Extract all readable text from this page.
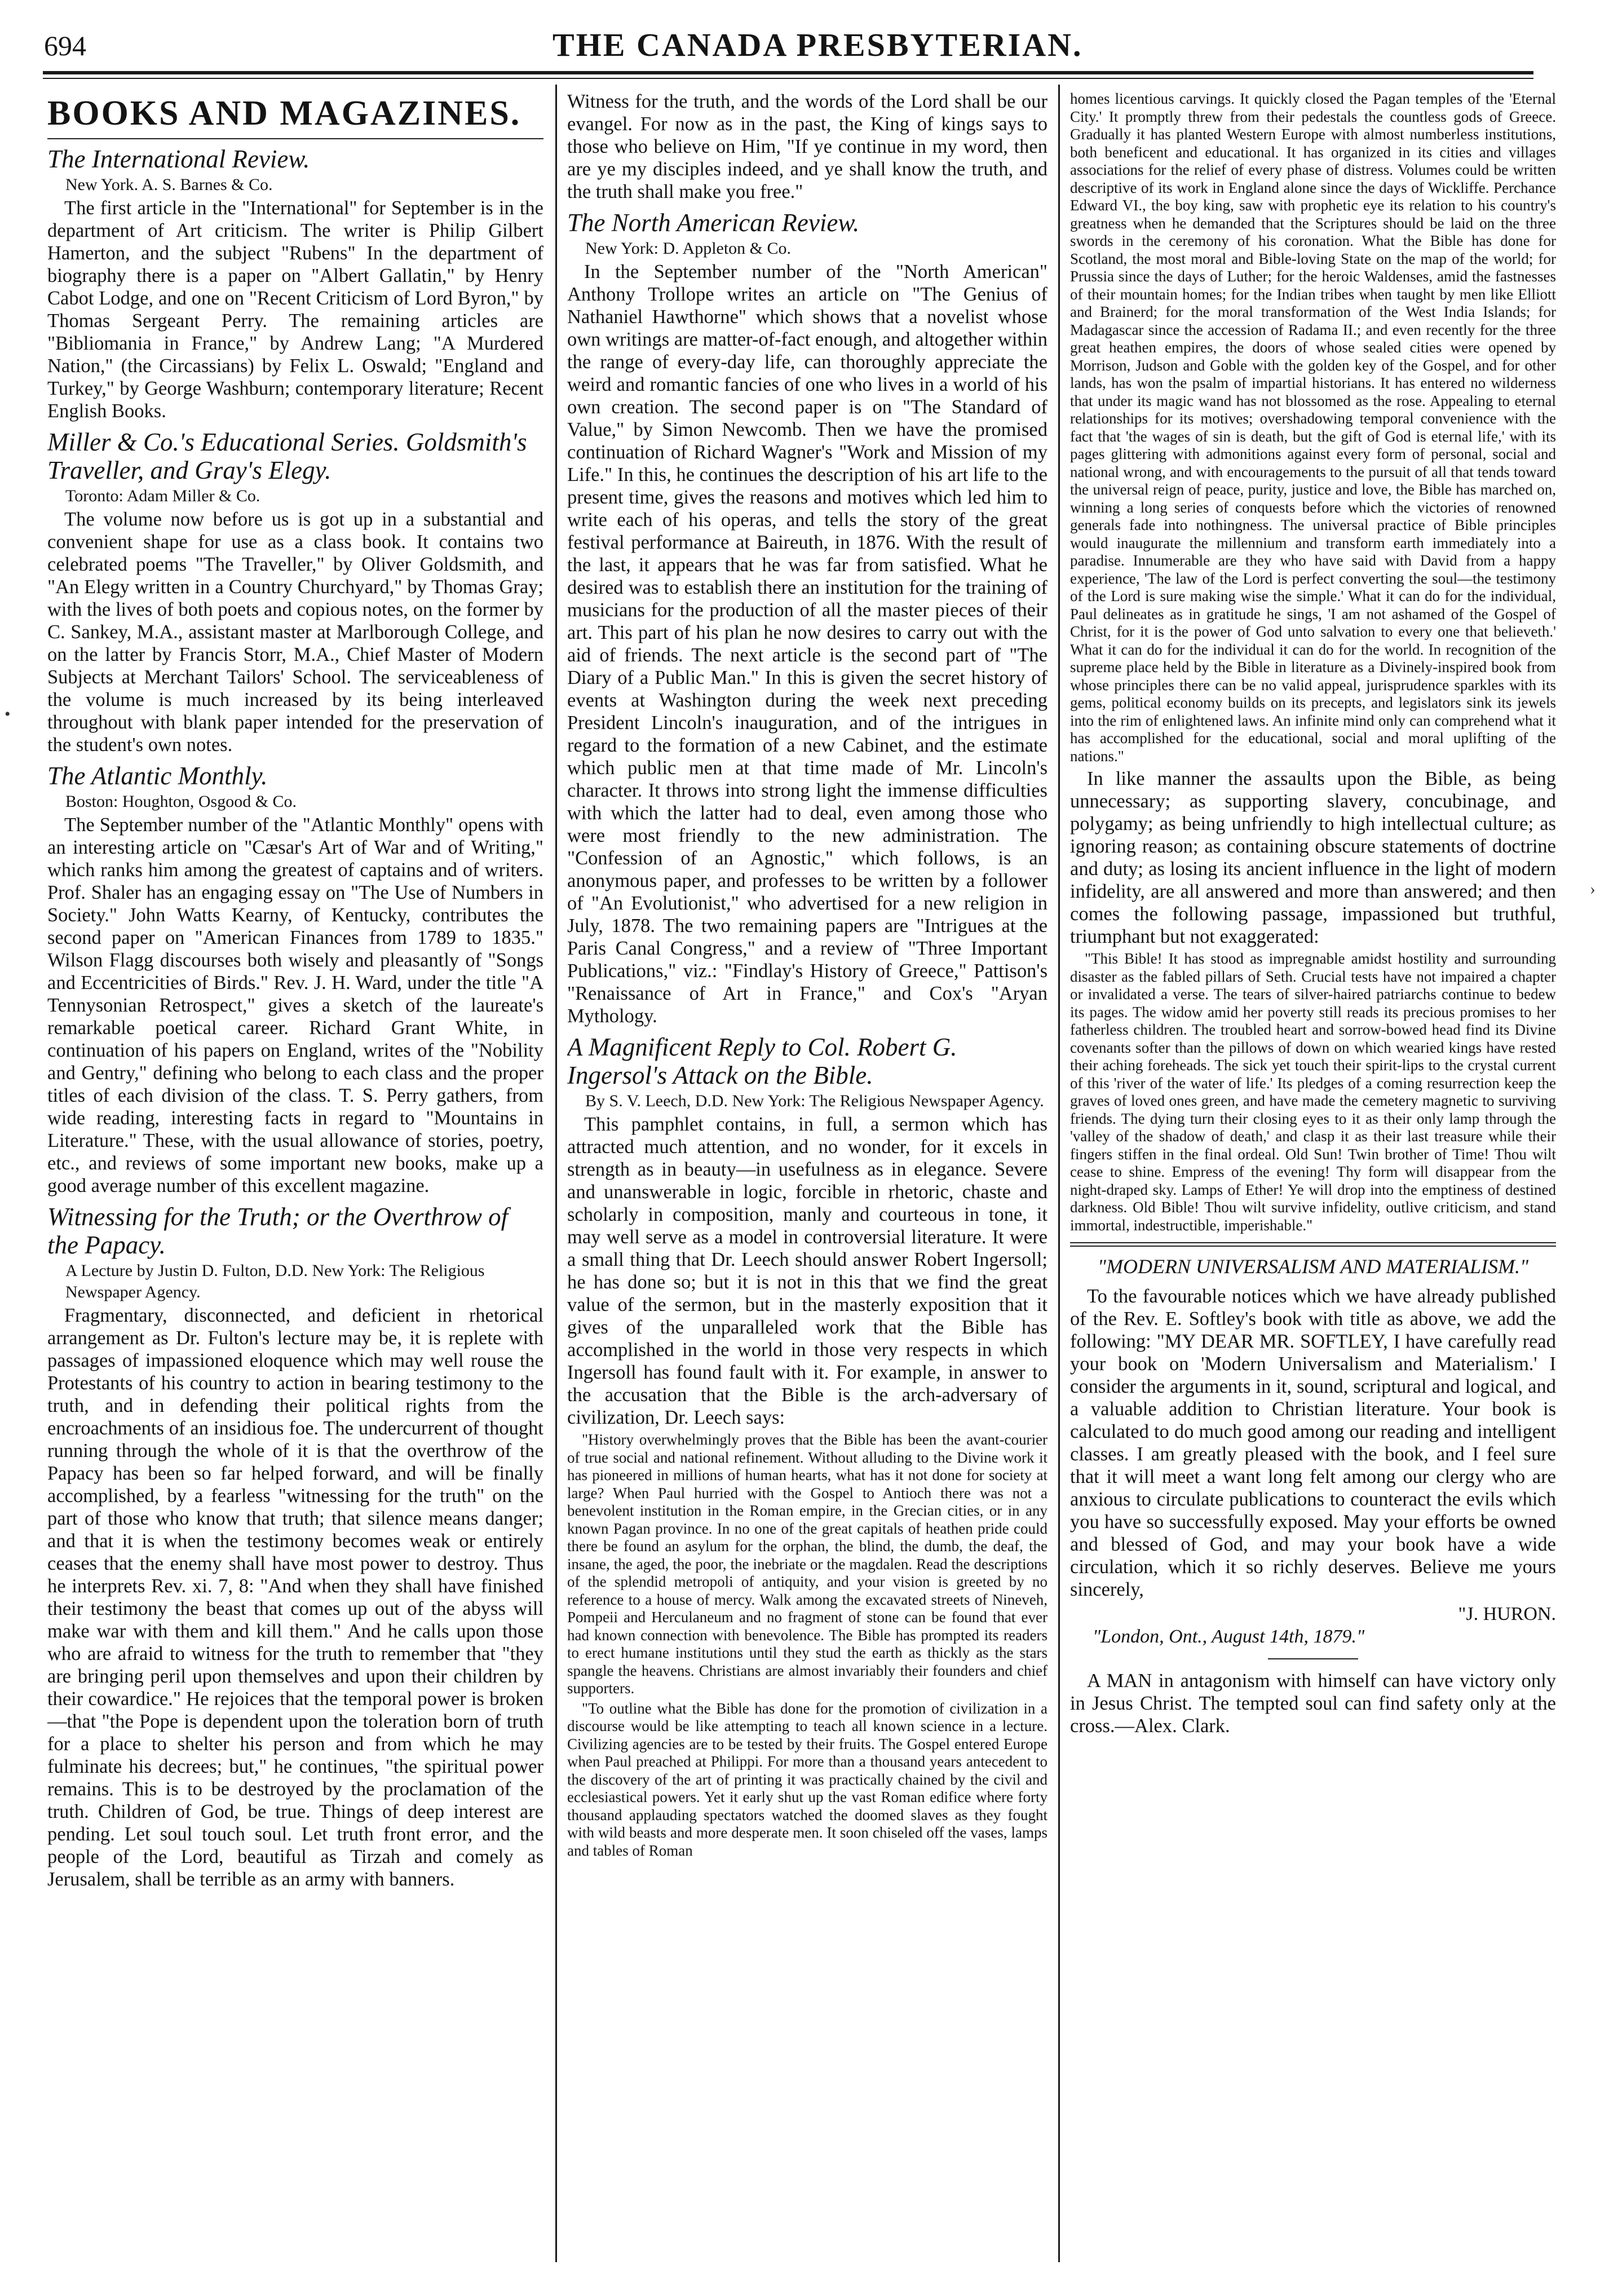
694	THE CANADA PRESBYTERIAN.
BOOKS AND MAGAZINES.
The International Review.
New York. A. S. Barnes & Co.

The first article in the "International" for September is in the department of Art criticism. The writer is Philip Gilbert Hamerton, and the subject "Rubens" In the department of biography there is a paper on "Albert Gallatin," by Henry Cabot Lodge, and one on "Recent Criticism of Lord Byron," by Thomas Sergeant Perry. The remaining articles are "Bibliomania in France," by Andrew Lang; "A Murdered Nation," (the Circassians) by Felix L. Oswald; "England and Turkey," by George Washburn; contemporary literature; Recent English Books.

Miller & Co.'s Educational Series. Goldsmith's Traveller, and Gray's Elegy.
Toronto: Adam Miller & Co.

The volume now before us is got up in a substantial and convenient shape for use as a class book. It contains two celebrated poems "The Traveller," by Oliver Goldsmith, and "An Elegy written in a Country Churchyard," by Thomas Gray; with the lives of both poets and copious notes, on the former by C. Sankey, M.A., assistant master at Marlborough College, and on the latter by Francis Storr, M.A., Chief Master of Modern Subjects at Merchant Tailors' School. The serviceableness of the volume is much increased by its being interleaved throughout with blank paper intended for the preservation of the student's own notes.

The Atlantic Monthly.
Boston: Houghton, Osgood & Co.

The September number of the "Atlantic Monthly" opens with an interesting article on "Cæsar's Art of War and of Writing," which ranks him among the greatest of captains and of writers. Prof. Shaler has an engaging essay on "The Use of Numbers in Society." John Watts Kearny, of Kentucky, contributes the second paper on "American Finances from 1789 to 1835." Wilson Flagg discourses both wisely and pleasantly of "Songs and Eccentricities of Birds." Rev. J. H. Ward, under the title "A Tennysonian Retrospect," gives a sketch of the laureate's remarkable poetical career. Richard Grant White, in continuation of his papers on England, writes of the "Nobility and Gentry," defining who belong to each class and the proper titles of each division of the class. T. S. Perry gathers, from wide reading, interesting facts in regard to "Mountains in Literature." These, with the usual allowance of stories, poetry, etc., and reviews of some important new books, make up a good average number of this excellent magazine.

Witnessing for the Truth; or the Overthrow of the Papacy.
A Lecture by Justin D. Fulton, D.D. New York: The Religious Newspaper Agency.

Fragmentary, disconnected, and deficient in rhetorical arrangement as Dr. Fulton's lecture may be, it is replete with passages of impassioned eloquence which may well rouse the Protestants of his country to action in bearing testimony to the truth, and in defending their political rights from the encroachments of an insidious foe. The undercurrent of thought running through the whole of it is that the overthrow of the Papacy has been so far helped forward, and will be finally accomplished, by a fearless "witnessing for the truth" on the part of those who know that truth; that silence means danger; and that it is when the testimony becomes weak or entirely ceases that the enemy shall have most power to destroy. Thus he interprets Rev. xi. 7, 8: "And when they shall have finished their testimony the beast that comes up out of the abyss will make war with them and kill them." And he calls upon those who are afraid to witness for the truth to remember that "they are bringing peril upon themselves and upon their children by their cowardice." He rejoices that the temporal power is broken—that "the Pope is dependent upon the toleration born of truth for a place to shelter his person and from which he may fulminate his decrees; but," he continues, "the spiritual power remains. This is to be destroyed by the proclamation of the truth. Children of God, be true. Things of deep interest are pending. Let soul touch soul. Let truth front error, and the people of the Lord, beautiful as Tirzah and comely as Jerusalem, shall be terrible as an army with banners.

Witness for the truth, and the words of the Lord shall be our evangel. For now as in the past, the King of kings says to those who believe on Him, "If ye continue in my word, then are ye my disciples indeed, and ye shall know the truth, and the truth shall make you free."

The North American Review.
New York: D. Appleton & Co.

In the September number of the "North American" Anthony Trollope writes an article on "The Genius of Nathaniel Hawthorne" which shows that a novelist whose own writings are matter-of-fact enough, and altogether within the range of every-day life, can thoroughly appreciate the weird and romantic fancies of one who lives in a world of his own creation. The second paper is on "The Standard of Value," by Simon Newcomb. Then we have the promised continuation of Richard Wagner's "Work and Mission of my Life." In this, he continues the description of his art life to the present time, gives the reasons and motives which led him to write each of his operas, and tells the story of the great festival performance at Baireuth, in 1876. With the result of the last, it appears that he was far from satisfied. What he desired was to establish there an institution for the training of musicians for the production of all the master pieces of their art. This part of his plan he now desires to carry out with the aid of friends. The next article is the second part of "The Diary of a Public Man." In this is given the secret history of events at Washington during the week next preceding President Lincoln's inauguration, and of the intrigues in regard to the formation of a new Cabinet, and the estimate which public men at that time made of Mr. Lincoln's character. It throws into strong light the immense difficulties with which the latter had to deal, even among those who were most friendly to the new administration. The "Confession of an Agnostic," which follows, is an anonymous paper, and professes to be written by a follower of "An Evolutionist," who advertised for a new religion in July, 1878. The two remaining papers are "Intrigues at the Paris Canal Congress," and a review of "Three Important Publications," viz.: "Findlay's History of Greece," Pattison's "Renaissance of Art in France," and Cox's "Aryan Mythology.

A Magnificent Reply to Col. Robert G. Ingersol's Attack on the Bible.
By S. V. Leech, D.D. New York: The Religious Newspaper Agency.

This pamphlet contains, in full, a sermon which has attracted much attention, and no wonder, for it excels in strength as in beauty—in usefulness as in elegance. Severe and unanswerable in logic, forcible in rhetoric, chaste and scholarly in composition, manly and courteous in tone, it may well serve as a model in controversial literature. It were a small thing that Dr. Leech should answer Robert Ingersoll; he has done so; but it is not in this that we find the great value of the sermon, but in the masterly exposition that it gives of the unparalleled work that the Bible has accomplished in the world in those very respects in which Ingersoll has found fault with it. For example, in answer to the accusation that the Bible is the arch-adversary of civilization, Dr. Leech says:

"History overwhelmingly proves that the Bible has been the avant-courier of true social and national refinement. Without alluding to the Divine work it has pioneered in millions of human hearts, what has it not done for society at large? When Paul hurried with the Gospel to Antioch there was not a benevolent institution in the Roman empire, in the Grecian cities, or in any known Pagan province. In no one of the great capitals of heathen pride could there be found an asylum for the orphan, the blind, the dumb, the deaf, the insane, the aged, the poor, the inebriate or the magdalen. Read the descriptions of the splendid metropoli of antiquity, and your vision is greeted by no reference to a house of mercy. Walk among the excavated streets of Nineveh, Pompeii and Herculaneum and no fragment of stone can be found that ever had known connection with benevolence. The Bible has prompted its readers to erect humane institutions until they stud the earth as thickly as the stars spangle the heavens. Christians are almost invariably their founders and chief supporters.

"To outline what the Bible has done for the promotion of civilization in a discourse would be like attempting to teach all known science in a lecture. Civilizing agencies are to be tested by their fruits. The Gospel entered Europe when Paul preached at Philippi. For more than a thousand years antecedent to the discovery of the art of printing it was practically chained by the civil and ecclesiastical powers. Yet it early shut up the vast Roman edifice where forty thousand applauding spectators watched the doomed slaves as they fought with wild beasts and more desperate men. It soon chiseled off the vases, lamps and tables of Roman

homes licentious carvings. It quickly closed the Pagan temples of the 'Eternal City.' It promptly threw from their pedestals the countless gods of Greece. Gradually it has planted Western Europe with almost numberless institutions, both beneficent and educational. It has organized in its cities and villages associations for the relief of every phase of distress. Volumes could be written descriptive of its work in England alone since the days of Wickliffe. Perchance Edward VI., the boy king, saw with prophetic eye its relation to his country's greatness when he demanded that the Scriptures should be laid on the three swords in the ceremony of his coronation. What the Bible has done for Scotland, the most moral and Bible-loving State on the map of the world; for Prussia since the days of Luther; for the heroic Waldenses, amid the fastnesses of their mountain homes; for the Indian tribes when taught by men like Elliott and Brainerd; for the moral transformation of the West India Islands; for Madagascar since the accession of Radama II.; and even recently for the three great heathen empires, the doors of whose sealed cities were opened by Morrison, Judson and Goble with the golden key of the Gospel, and for other lands, has won the psalm of impartial historians. It has entered no wilderness that under its magic wand has not blossomed as the rose. Appealing to eternal relationships for its motives; overshadowing temporal convenience with the fact that 'the wages of sin is death, but the gift of God is eternal life,' with its pages glittering with admonitions against every form of personal, social and national wrong, and with encouragements to the pursuit of all that tends toward the universal reign of peace, purity, justice and love, the Bible has marched on, winning a long series of conquests before which the victories of renowned generals fade into nothingness. The universal practice of Bible principles would inaugurate the millennium and transform earth immediately into a paradise. Innumerable are they who have said with David from a happy experience, 'The law of the Lord is perfect converting the soul—the testimony of the Lord is sure making wise the simple.' What it can do for the individual, Paul delineates as in gratitude he sings, 'I am not ashamed of the Gospel of Christ, for it is the power of God unto salvation to every one that believeth.' What it can do for the individual it can do for the world. In recognition of the supreme place held by the Bible in literature as a Divinely-inspired book from whose principles there can be no valid appeal, jurisprudence sparkles with its gems, political economy builds on its precepts, and legislators sink its jewels into the rim of enlightened laws. An infinite mind only can comprehend what it has accomplished for the educational, social and moral uplifting of the nations."

In like manner the assaults upon the Bible, as being unnecessary; as supporting slavery, concubinage, and polygamy; as being unfriendly to high intellectual culture; as ignoring reason; as containing obscure statements of doctrine and duty; as losing its ancient influence in the light of modern infidelity, are all answered and more than answered; and then comes the following passage, impassioned but truthful, triumphant but not exaggerated:

"This Bible! It has stood as impregnable amidst hostility and surrounding disaster as the fabled pillars of Seth. Crucial tests have not impaired a chapter or invalidated a verse. The tears of silver-haired patriarchs continue to bedew its pages. The widow amid her poverty still reads its precious promises to her fatherless children. The troubled heart and sorrow-bowed head find its Divine covenants softer than the pillows of down on which wearied kings have rested their aching foreheads. The sick yet touch their spirit-lips to the crystal current of this 'river of the water of life.' Its pledges of a coming resurrection keep the graves of loved ones green, and have made the cemetery magnetic to surviving friends. The dying turn their closing eyes to it as their only lamp through the 'valley of the shadow of death,' and clasp it as their last treasure while their fingers stiffen in the final ordeal. Old Sun! Twin brother of Time! Thou wilt cease to shine. Empress of the evening! Thy form will disappear from the night-draped sky. Lamps of Ether! Ye will drop into the emptiness of destined darkness. Old Bible! Thou wilt survive infidelity, outlive criticism, and stand immortal, indestructible, imperishable."

"MODERN UNIVERSALISM AND MATERIALISM."

To the favourable notices which we have already published of the Rev. E. Softley's book with title as above, we add the following: "MY DEAR MR. SOFTLEY, I have carefully read your book on 'Modern Universalism and Materialism.' I consider the arguments in it, sound, scriptural and logical, and a valuable addition to Christian literature. Your book is calculated to do much good among our reading and intelligent classes. I am greatly pleased with the book, and I feel sure that it will meet a want long felt among our clergy who are anxious to circulate publications to counteract the evils which you have so successfully exposed. May your efforts be owned and blessed of God, and may your book have a wide circulation, which it so richly deserves. Believe me yours sincerely,

"J. HURON.

"London, Ont., August 14th, 1879."

A MAN in antagonism with himself can have victory only in Jesus Christ. The tempted soul can find safety only at the cross.—Alex. Clark.

•
›
